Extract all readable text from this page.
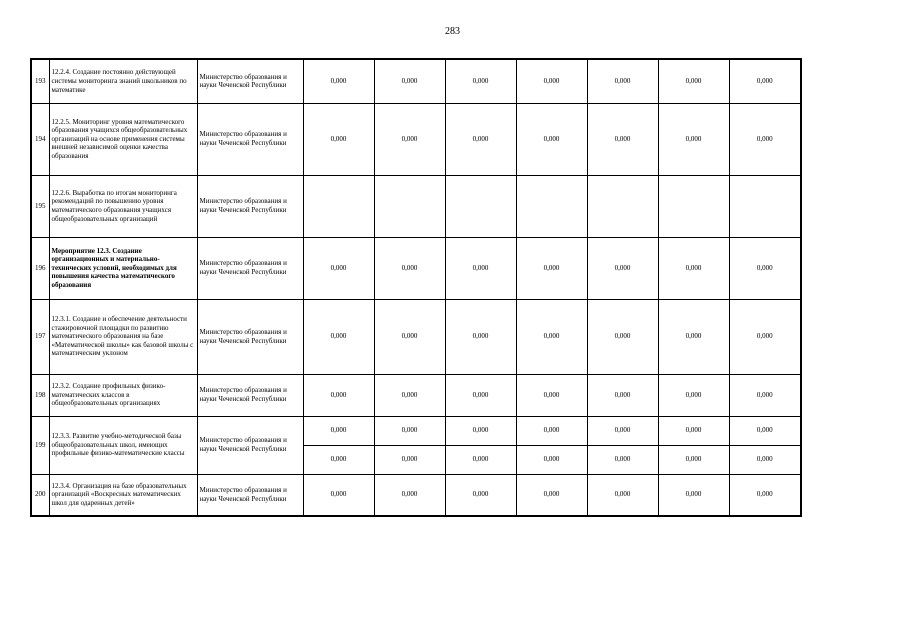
283
193	12.2.4. Создание постоянно действующей системы мониторинга знаний школьников по математике	Министерство образования и науки Чеченской Республики	0,000	0,000	0,000	0,000	0,000	0,000	0,000
194	12.2.5. Мониторинг уровня математического образования учащихся общеобразовательных организаций на основе применения системы внешней независимой оценки качества образования	Министерство образования и науки Чеченской Республики	0,000	0,000	0,000	0,000	0,000	0,000	0,000
195	12.2.6. Выработка по итогам мониторинга рекомендаций по повышению уровня математического образования учащихся общеобразовательных организаций	Министерство образования и науки Чеченской Республики							
196	Мероприятие 12.3. Создание организационных и материально-технических условий, необходимых для повышения качества математического образования	Министерство образования и науки Чеченской Республики	0,000	0,000	0,000	0,000	0,000	0,000	0,000
197	12.3.1. Создание и обеспечение деятельности стажировочной площадки по развитию математического образования на базе «Математической школы» как базовой школы с математическим уклоном	Министерство образования и науки Чеченской Республики	0,000	0,000	0,000	0,000	0,000	0,000	0,000
198	12.3.2. Создание профильных физико-математических классов в общеобразовательных организациях	Министерство образования и науки Чеченской Республики	0,000	0,000	0,000	0,000	0,000	0,000	0,000
199	12.3.3. Развитие учебно-методической базы общеобразовательных школ, имеющих профильные физико-математические классы	Министерство образования и науки Чеченской Республики	0,000	0,000	0,000	0,000	0,000	0,000	0,000
			0,000	0,000	0,000	0,000	0,000	0,000	0,000
200	12.3.4. Организация на базе образовательных организаций «Воскресных математических школ для одаренных детей»	Министерство образования и науки Чеченской Республики	0,000	0,000	0,000	0,000	0,000	0,000	0,000
